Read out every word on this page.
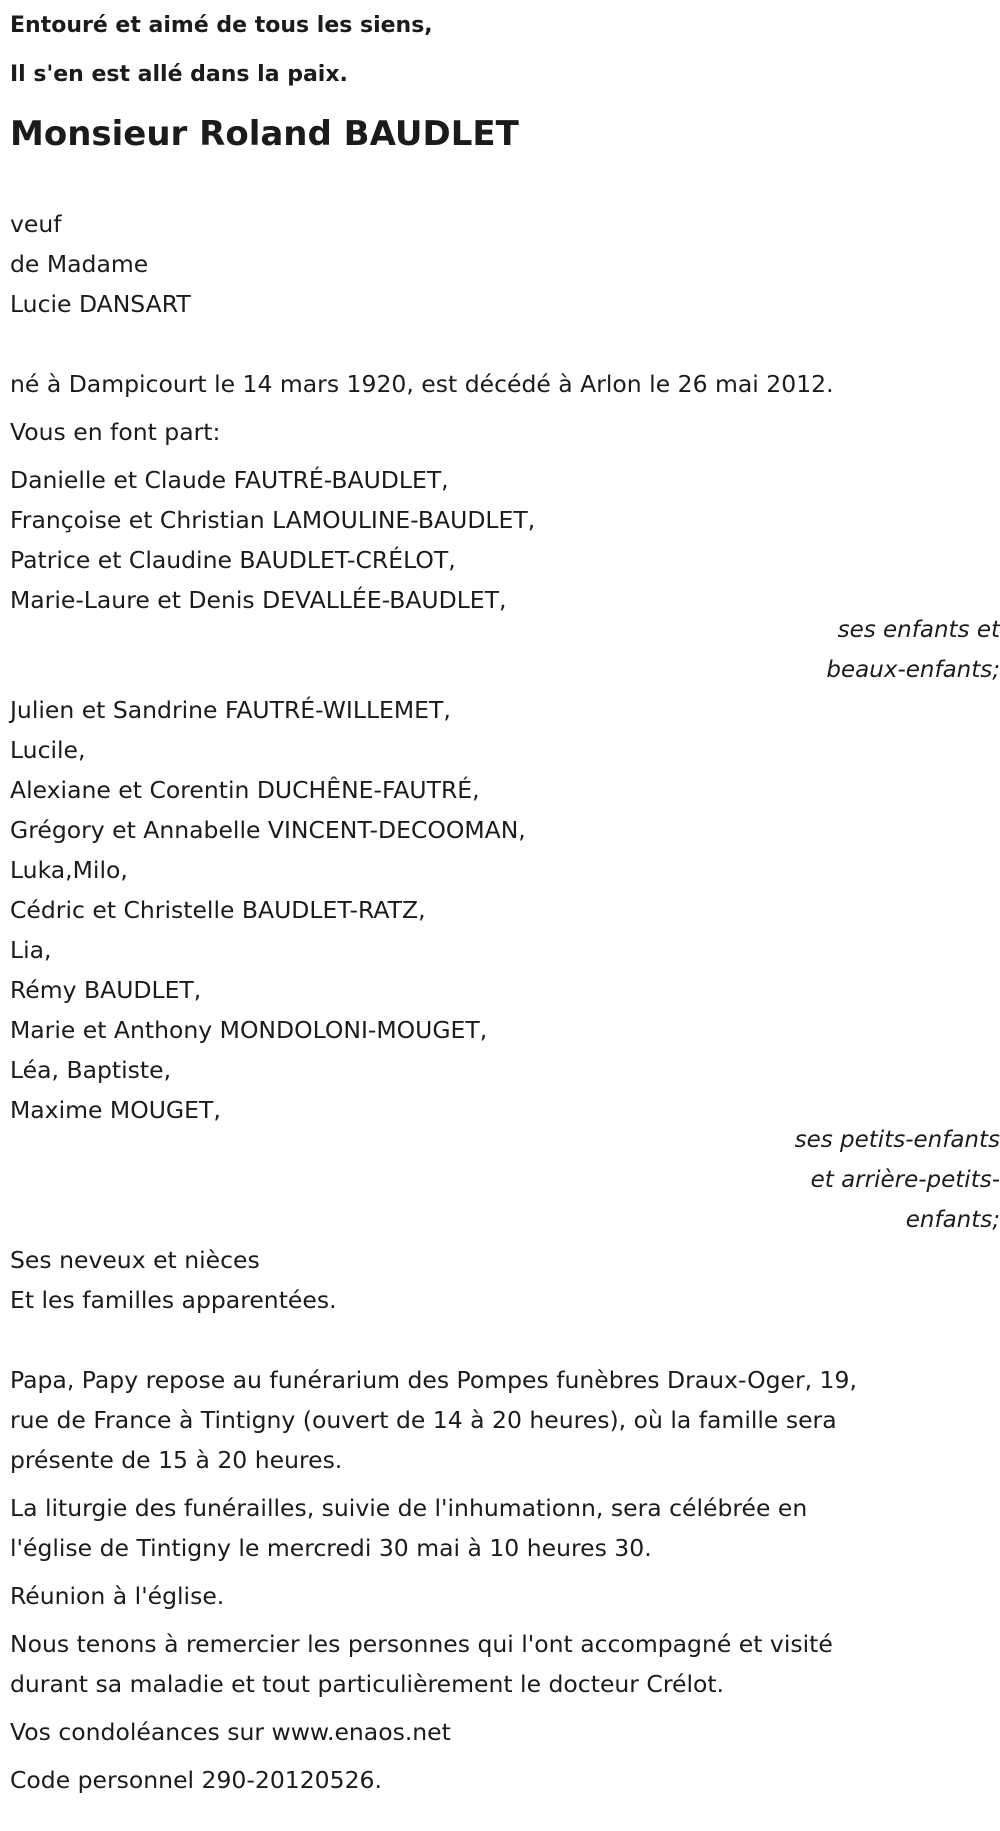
Entouré et aimé de tous les siens,
Il s'en est allé dans la paix.
Monsieur Roland BAUDLET
veuf
de Madame
Lucie DANSART
né à Dampicourt le 14 mars 1920, est décédé à Arlon le 26 mai 2012.
Vous en font part:
Danielle et Claude FAUTRÉ-BAUDLET,
Françoise et Christian LAMOULINE-BAUDLET,
Patrice et Claudine BAUDLET-CRÉLOT,
Marie-Laure et Denis DEVALLÉE-BAUDLET,
ses enfants et
beaux-enfants;
Julien et Sandrine FAUTRÉ-WILLEMET,
Lucile,
Alexiane et Corentin DUCHÊNE-FAUTRÉ,
Grégory et Annabelle VINCENT-DECOOMAN,
Luka,Milo,
Cédric et Christelle BAUDLET-RATZ,
Lia,
Rémy BAUDLET,
Marie et Anthony MONDOLONI-MOUGET,
Léa, Baptiste,
Maxime MOUGET,
ses petits-enfants
et arrière-petits-
enfants;
Ses neveux et nièces
Et les familles apparentées.
Papa, Papy repose au funérarium des Pompes funèbres Draux-Oger, 19,
rue de France à Tintigny (ouvert de 14 à 20 heures), où la famille sera
présente de 15 à 20 heures.
La liturgie des funérailles, suivie de l'inhumationn, sera célébrée en
l'église de Tintigny le mercredi 30 mai à 10 heures 30.
Réunion à l'église.
Nous tenons à remercier les personnes qui l'ont accompagné et visité
durant sa maladie et tout particulièrement le docteur Crélot.
Vos condoléances sur www.enaos.net
Code personnel 290-20120526.
